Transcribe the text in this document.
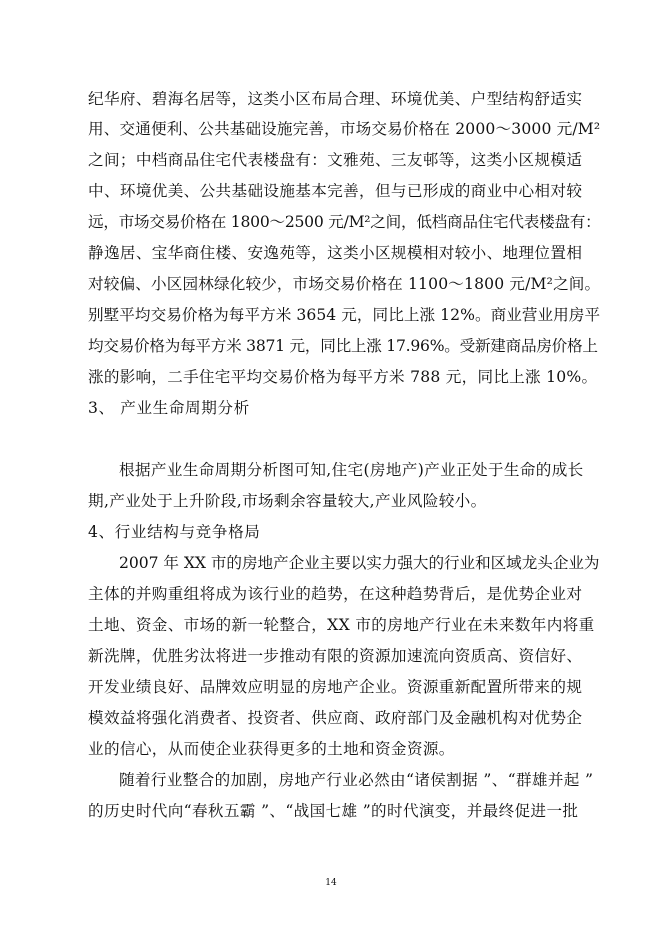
纪华府、碧海名居等，这类小区布局合理、环境优美、户型结构舒适实
用、交通便利、公共基础设施完善，市场交易价格在 2000～3000 元/M²
之间；中档商品住宅代表楼盘有：文雅苑、三友邨等，这类小区规模适
中、环境优美、公共基础设施基本完善，但与已形成的商业中心相对较
远，市场交易价格在 1800～2500 元/M²之间，低档商品住宅代表楼盘有：
静逸居、宝华商住楼、安逸苑等，这类小区规模相对较小、地理位置相
对较偏、小区园林绿化较少，市场交易价格在 1100～1800 元/M²之间。
别墅平均交易价格为每平方米 3654 元，同比上涨 12%。商业营业用房平
均交易价格为每平方米 3871 元，同比上涨 17.96%。受新建商品房价格上
涨的影响，二手住宅平均交易价格为每平方米 788 元，同比上涨 10%。
3、 产业生命周期分析
根据产业生命周期分析图可知,住宅(房地产)产业正处于生命的成长
期,产业处于上升阶段,市场剩余容量较大,产业风险较小。
4、行业结构与竞争格局
2007 年 XX 市的房地产企业主要以实力强大的行业和区域龙头企业为
主体的并购重组将成为该行业的趋势，在这种趋势背后，是优势企业对
土地、资金、市场的新一轮整合，XX 市的房地产行业在未来数年内将重
新洗牌，优胜劣汰将进一步推动有限的资源加速流向资质高、资信好、
开发业绩良好、品牌效应明显的房地产企业。资源重新配置所带来的规
模效益将强化消费者、投资者、供应商、政府部门及金融机构对优势企
业的信心，从而使企业获得更多的土地和资金资源。
随着行业整合的加剧，房地产行业必然由“诸侯割据 ”、“群雄并起 ”
的历史时代向“春秋五霸 ”、“战国七雄 ”的时代演变，并最终促进一批
14
